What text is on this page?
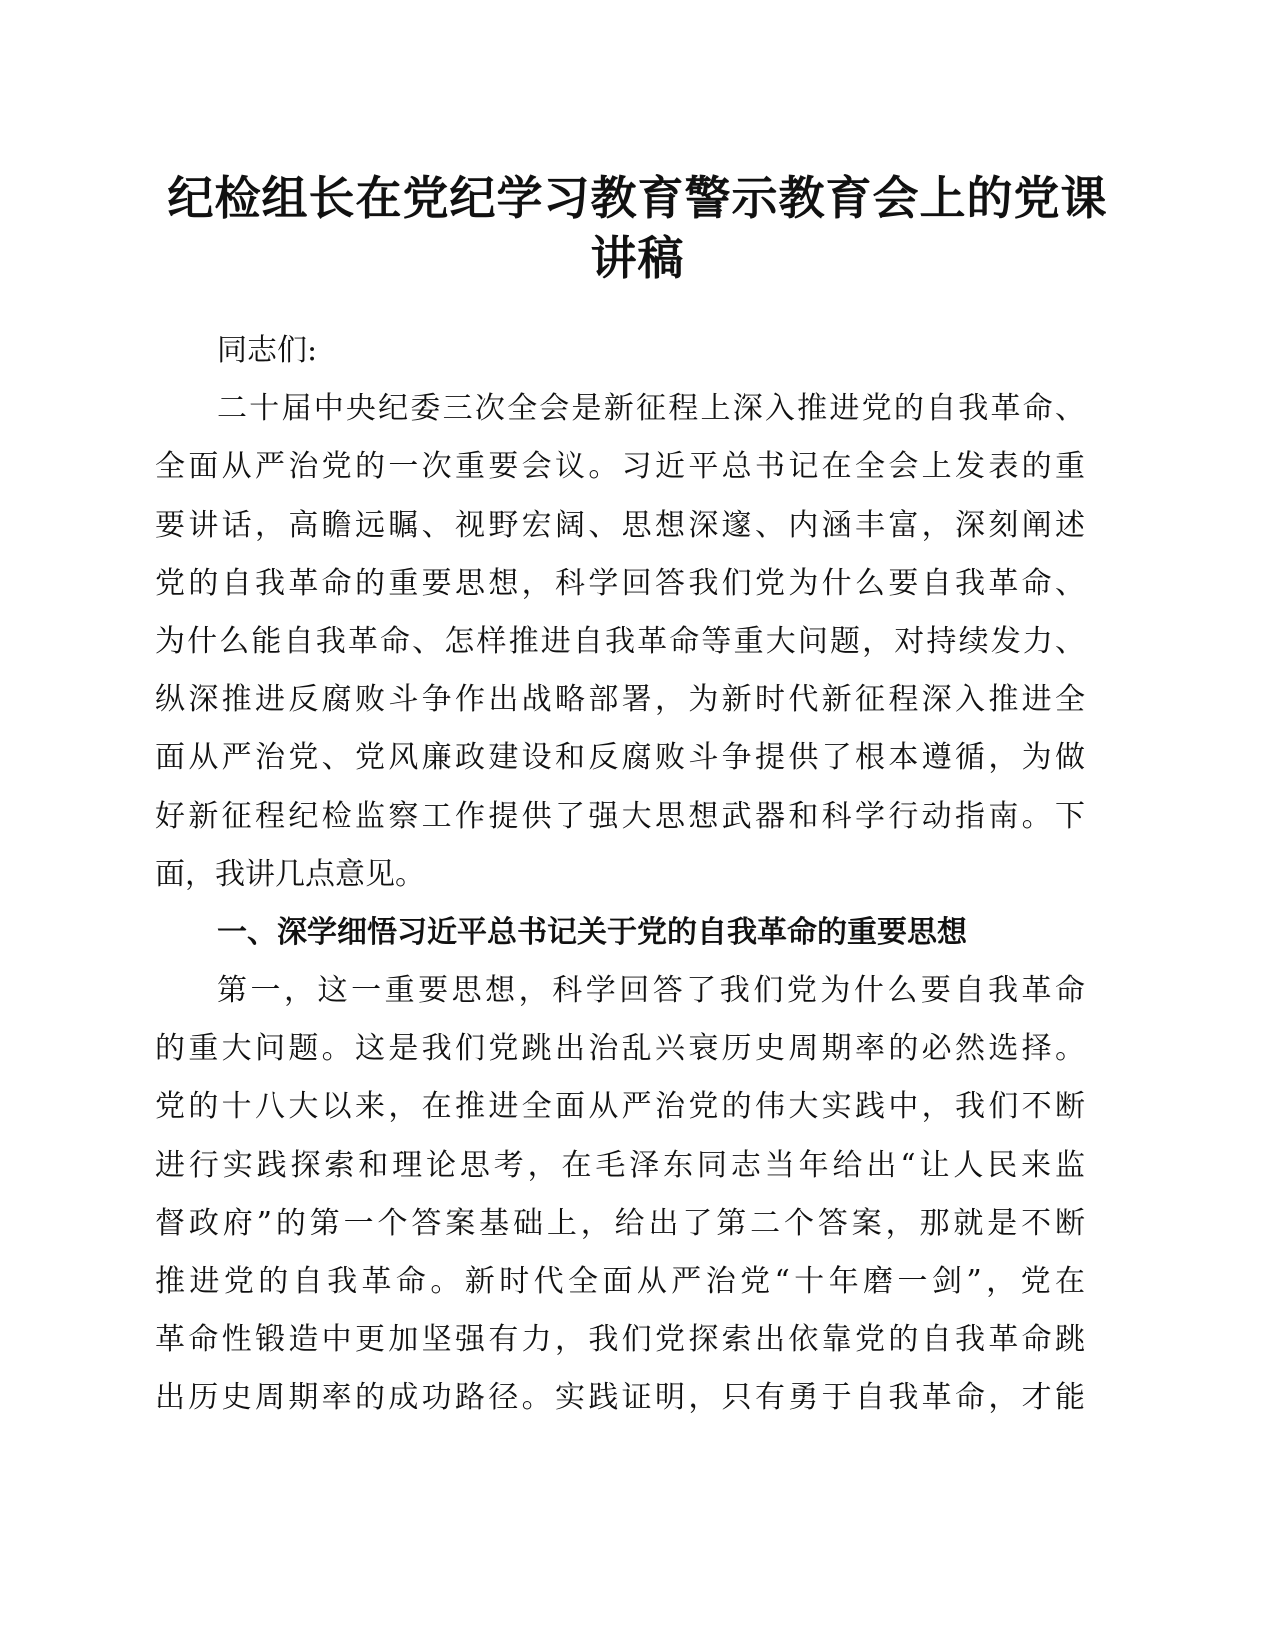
纪检组长在党纪学习教育警示教育会上的党课
讲稿
同志们:
二十届中央纪委三次全会是新征程上深入推进党的自我革命、
全面从严治党的一次重要会议。习近平总书记在全会上发表的重
要讲话，高瞻远瞩、视野宏阔、思想深邃、内涵丰富，深刻阐述
党的自我革命的重要思想，科学回答我们党为什么要自我革命、
为什么能自我革命、怎样推进自我革命等重大问题，对持续发力、
纵深推进反腐败斗争作出战略部署，为新时代新征程深入推进全
面从严治党、党风廉政建设和反腐败斗争提供了根本遵循，为做
好新征程纪检监察工作提供了强大思想武器和科学行动指南。下
面，我讲几点意见。
一、深学细悟习近平总书记关于党的自我革命的重要思想
第一，这一重要思想，科学回答了我们党为什么要自我革命
的重大问题。这是我们党跳出治乱兴衰历史周期率的必然选择。
党的十八大以来，在推进全面从严治党的伟大实践中，我们不断
进行实践探索和理论思考，在毛泽东同志当年给出“让人民来监
督政府”的第一个答案基础上，给出了第二个答案，那就是不断
推进党的自我革命。新时代全面从严治党“十年磨一剑”，党在
革命性锻造中更加坚强有力，我们党探索出依靠党的自我革命跳
出历史周期率的成功路径。实践证明，只有勇于自我革命，才能
